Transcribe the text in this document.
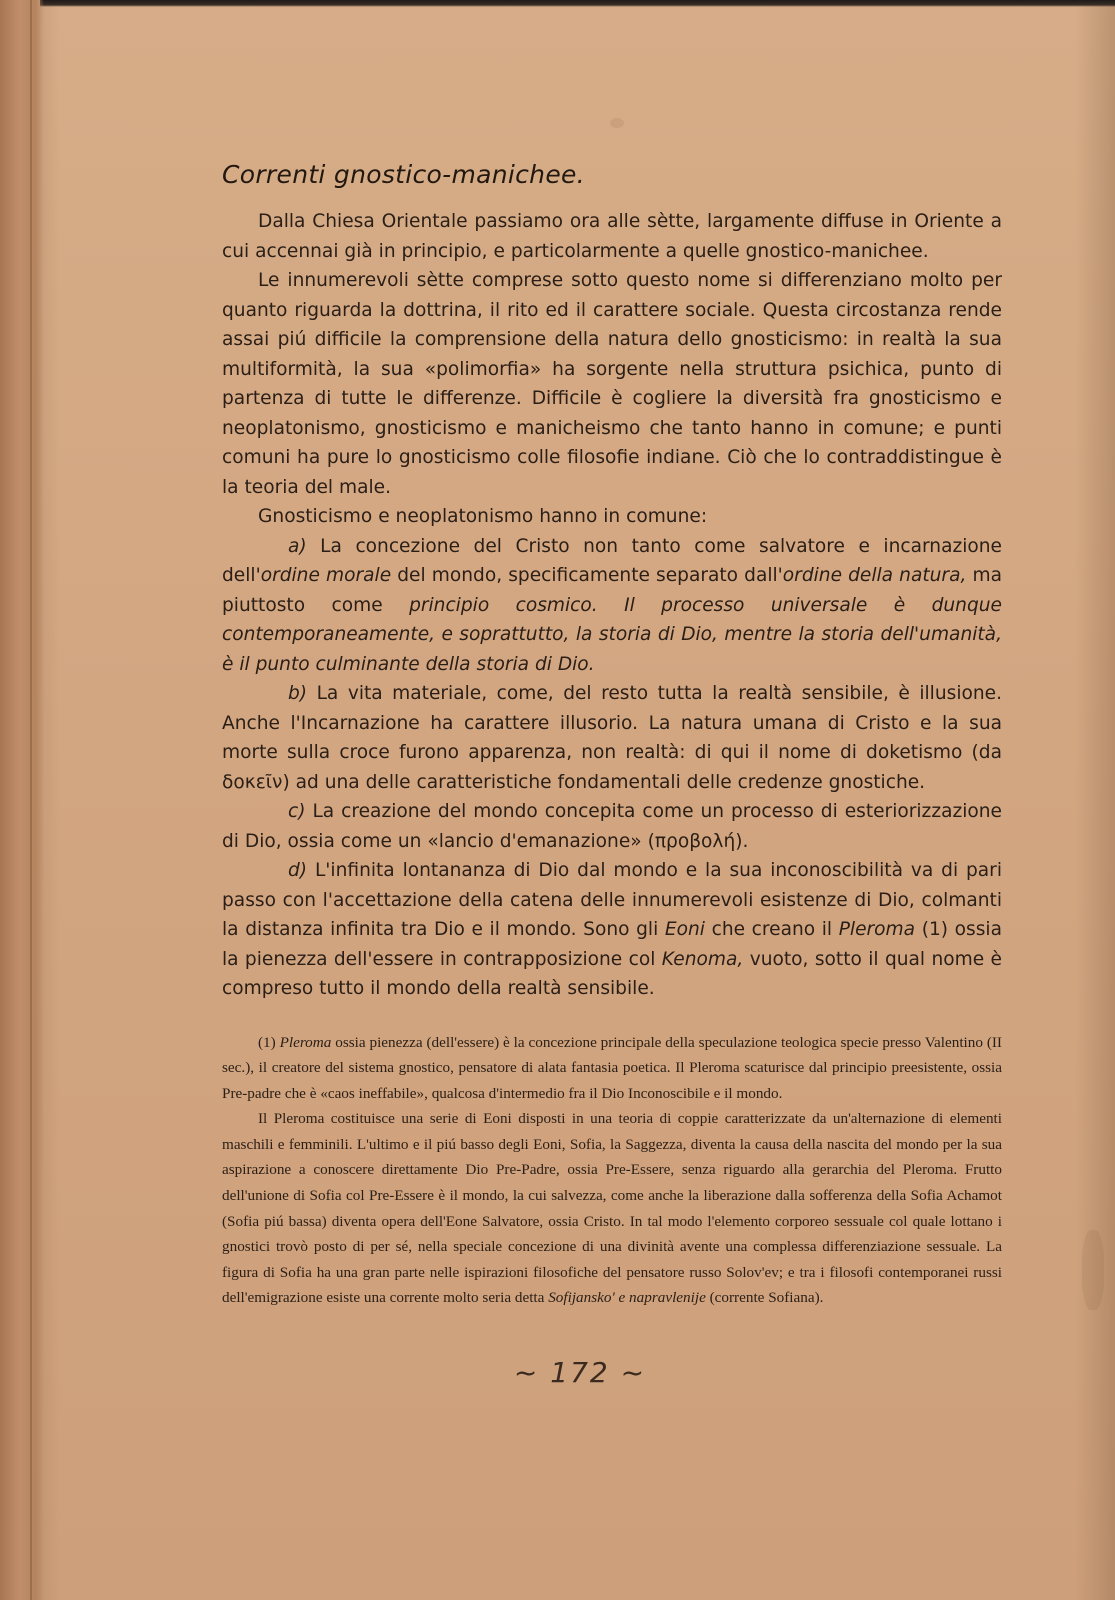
Correnti gnostico-manichee.

Dalla Chiesa Orientale passiamo ora alle sètte, largamente diffuse in Oriente a cui accennai già in principio, e particolarmente a quelle gnostico-manichee.

Le innumerevoli sètte comprese sotto questo nome si differenziano molto per quanto riguarda la dottrina, il rito ed il carattere sociale. Questa circostanza rende assai piú difficile la comprensione della natura dello gnosticismo: in realtà la sua multiformità, la sua «polimorfia» ha sorgente nella struttura psichica, punto di partenza di tutte le differenze. Difficile è cogliere la diversità fra gnosticismo e neoplatonismo, gnosticismo e manicheismo che tanto hanno in comune; e punti comuni ha pure lo gnosticismo colle filosofie indiane. Ciò che lo contraddistingue è la teoria del male.

Gnosticismo e neoplatonismo hanno in comune:

a) La concezione del Cristo non tanto come salvatore e incarnazione dell'ordine morale del mondo, specificamente separato dall'ordine della natura, ma piuttosto come principio cosmico. Il processo universale è dunque contemporaneamente, e soprattutto, la storia di Dio, mentre la storia dell'umanità, è il punto culminante della storia di Dio.

b) La vita materiale, come, del resto tutta la realtà sensibile, è illusione. Anche l'Incarnazione ha carattere illusorio. La natura umana di Cristo e la sua morte sulla croce furono apparenza, non realtà: di qui il nome di doketismo (da δοκεῖν) ad una delle caratteristiche fondamentali delle credenze gnostiche.

c) La creazione del mondo concepita come un processo di esteriorizzazione di Dio, ossia come un «lancio d'emanazione» (προβολή).

d) L'infinita lontananza di Dio dal mondo e la sua inconoscibilità va di pari passo con l'accettazione della catena delle innumerevoli esistenze di Dio, colmanti la distanza infinita tra Dio e il mondo. Sono gli Eoni che creano il Pleroma (1) ossia la pienezza dell'essere in contrapposizione col Kenoma, vuoto, sotto il qual nome è compreso tutto il mondo della realtà sensibile.

(1) Pleroma ossia pienezza (dell'essere) è la concezione principale della speculazione teologica specie presso Valentino (II sec.), il creatore del sistema gnostico, pensatore di alata fantasia poetica. Il Pleroma scaturisce dal principio preesistente, ossia Pre-padre che è «caos ineffabile», qualcosa d'intermedio fra il Dio Inconoscibile e il mondo.

Il Pleroma costituisce una serie di Eoni disposti in una teoria di coppie caratterizzate da un'alternazione di elementi maschili e femminili. L'ultimo e il piú basso degli Eoni, Sofia, la Saggezza, diventa la causa della nascita del mondo per la sua aspirazione a conoscere direttamente Dio Pre-Padre, ossia Pre-Essere, senza riguardo alla gerarchia del Pleroma. Frutto dell'unione di Sofia col Pre-Essere è il mondo, la cui salvezza, come anche la liberazione dalla sofferenza della Sofia Achamot (Sofia piú bassa) diventa opera dell'Eone Salvatore, ossia Cristo. In tal modo l'elemento corporeo sessuale col quale lottano i gnostici trovò posto di per sé, nella speciale concezione di una divinità avente una complessa differenziazione sessuale. La figura di Sofia ha una gran parte nelle ispirazioni filosofiche del pensatore russo Solov'ev; e tra i filosofi contemporanei russi dell'emigrazione esiste una corrente molto seria detta Sofijanskо' e napravlenije (corrente Sofiana).

~ 172 ~
